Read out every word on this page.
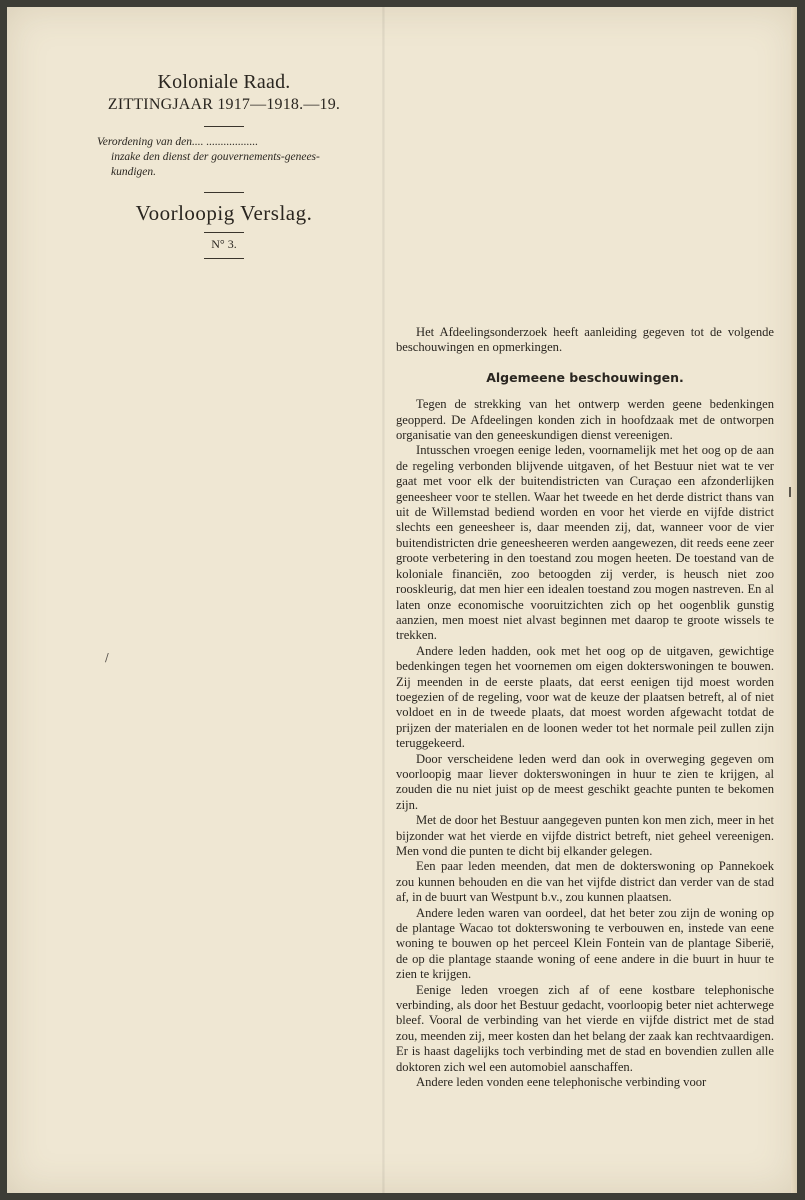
/
Koloniale Raad.
ZITTINGJAAR 1917—1918.—19.
Verordening van den.... ..................
inzake den dienst der gouvernements-genees-
kundigen.
Voorloopig Verslag.
N° 3.

Het Afdeelingsonderzoek heeft aanleiding gegeven tot de volgende beschouwingen en opmerkingen.

Algemeene beschouwingen.

Tegen de strekking van het ontwerp werden geene bedenkingen geopperd. De Afdeelingen konden zich in hoofdzaak met de ontworpen organisatie van den geneeskundigen dienst vereenigen.

Intusschen vroegen eenige leden, voornamelijk met het oog op de aan de regeling verbonden blijvende uitgaven, of het Bestuur niet wat te ver gaat met voor elk der buitendistricten van Curaçao een afzonderlijken geneesheer voor te stellen. Waar het tweede en het derde district thans van uit de Willemstad bediend worden en voor het vierde en vijfde district slechts een geneesheer is, daar meenden zij, dat, wanneer voor de vier buitendistricten drie geneesheeren werden aangewezen, dit reeds eene zeer groote verbetering in den toestand zou mogen heeten. De toestand van de koloniale financiën, zoo betoogden zij verder, is heusch niet zoo rooskleurig, dat men hier een idealen toestand zou mogen nastreven. En al laten onze economische vooruitzichten zich op het oogenblik gunstig aanzien, men moest niet alvast beginnen met daarop te groote wissels te trekken.

Andere leden hadden, ook met het oog op de uitgaven, gewichtige bedenkingen tegen het voornemen om eigen dokterswoningen te bouwen. Zij meenden in de eerste plaats, dat eerst eenigen tijd moest worden toegezien of de regeling, voor wat de keuze der plaatsen betreft, al of niet voldoet en in de tweede plaats, dat moest worden afgewacht totdat de prijzen der materialen en de loonen weder tot het normale peil zullen zijn teruggekeerd.

Door verscheidene leden werd dan ook in overweging gegeven om voorloopig maar liever dokterswoningen in huur te zien te krijgen, al zouden die nu niet juist op de meest geschikt geachte punten te bekomen zijn.

Met de door het Bestuur aangegeven punten kon men zich, meer in het bijzonder wat het vierde en vijfde district betreft, niet geheel vereenigen. Men vond die punten te dicht bij elkander gelegen.

Een paar leden meenden, dat men de dokterswoning op Pannekoek zou kunnen behouden en die van het vijfde district dan verder van de stad af, in de buurt van Westpunt b.v., zou kunnen plaatsen.

Andere leden waren van oordeel, dat het beter zou zijn de woning op de plantage Wacao tot dokterswoning te verbouwen en, instede van eene woning te bouwen op het perceel Klein Fontein van de plantage Siberië, de op die plantage staande woning of eene andere in die buurt in huur te zien te krijgen.

Eenige leden vroegen zich af of eene kostbare telephonische verbinding, als door het Bestuur gedacht, voorloopig beter niet achterwege bleef. Vooral de verbinding van het vierde en vijfde district met de stad zou, meenden zij, meer kosten dan het belang der zaak kan rechtvaardigen. Er is haast dagelijks toch verbinding met de stad en bovendien zullen alle doktoren zich wel een automobiel aanschaffen.

Andere leden vonden eene telephonische verbinding voor
